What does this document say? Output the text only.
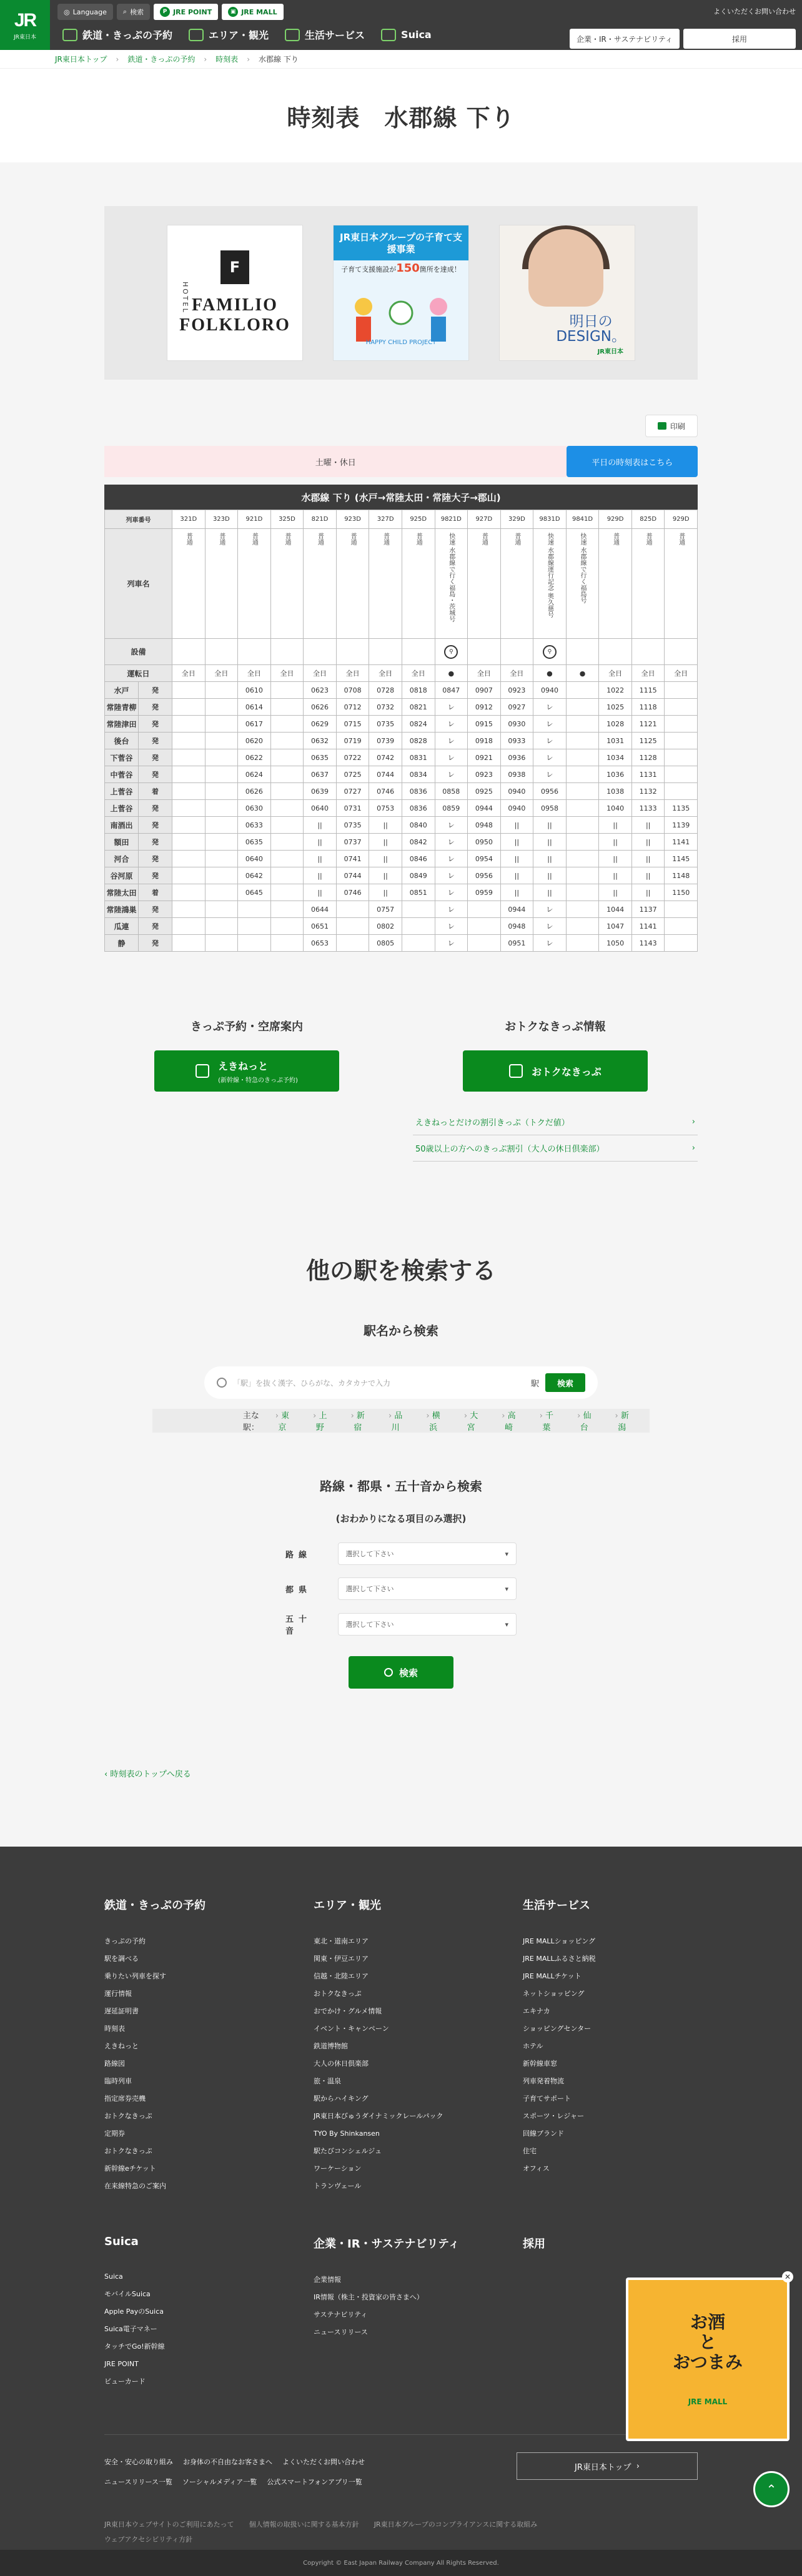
JR
JR東日本
◎ Language ⌕ 検索	P JRE POINT	▣ JRE MALL
鉄道・きっぷの予約	エリア・観光	生活サービス	Suica
よくいただくお問い合わせ
企業・IR・サステナビリティ	採用
JR東日本トップ › 鉄道・きっぷの予約 › 時刻表 › 水郡線 下り
時刻表　水郡線 下り
HOTEL
F
FAMILIO
FOLKLORO
JR東日本グループの子育て支援事業
子育て支援施設が150箇所を達成！
HAPPY CHILD PROJECT
明日の
DESIGN。
JR東日本
印刷
土曜・休日	平日の時刻表はこちら
水郡線 下り (水戸→常陸太田・常陸大子→郡山)
列車番号		321D	323D	921D	325D	821D	923D	327D	925D	9821D	927D	329D	9831D	9841D	929D	825D	929D
列車名		普通	普通	普通	普通	普通	普通	普通	普通	快速 水郡線で行く福島・茨城号	普通	普通	快速 水郡線運行記念 奥久慈号	快速 水郡線で行く福島号	普通	普通	普通

設備										⚲			⚲				
運転日		全日	全日	全日	全日	全日	全日	全日	全日	●	全日	全日	●	●	全日	全日	全日
水戸	発			0610		0623	0708	0728	0818	0847	0907	0923	0940		1022	1115	
常陸青柳	発			0614		0626	0712	0732	0821	レ	0912	0927	レ		1025	1118	
常陸津田	発			0617		0629	0715	0735	0824	レ	0915	0930	レ		1028	1121	
後台	発			0620		0632	0719	0739	0828	レ	0918	0933	レ		1031	1125	
下菅谷	発			0622		0635	0722	0742	0831	レ	0921	0936	レ		1034	1128	
中菅谷	発			0624		0637	0725	0744	0834	レ	0923	0938	レ		1036	1131	
上菅谷	着			0626		0639	0727	0746	0836	0858	0925	0940	0956		1038	1132	
上菅谷	発			0630		0640	0731	0753	0836	0859	0944	0940	0958		1040	1133	1135
南酒出	発			0633		||	0735	||	0840	レ	0948	||	||		||	||	1139
額田	発			0635		||	0737	||	0842	レ	0950	||	||		||	||	1141
河合	発			0640		||	0741	||	0846	レ	0954	||	||		||	||	1145
谷河原	発			0642		||	0744	||	0849	レ	0956	||	||		||	||	1148
常陸太田	着			0645		||	0746	||	0851	レ	0959	||	||		||	||	1150
常陸鴻巣	発					0644		0757		レ		0944	レ		1044	1137	
瓜連	発					0651		0802		レ		0948	レ		1047	1141	
静	発					0653		0805		レ		0951	レ		1050	1143	
きっぷ予約・空席案内
えきねっと
(新幹線・特急のきっぷ予約)
おトクなきっぷ情報
おトクなきっぷ
えきねっとだけの割引きっぷ（トクだ値）	›
50歳以上の方へのきっぷ割引（大人の休日倶楽部）	›
他の駅を検索する
駅名から検索
「駅」を抜く漢字、ひらがな、カタカナで入力	駅	検索
主な駅：
› 東京
› 上野
› 新宿
› 品川
› 横浜
› 大宮
› 高崎
› 千葉
› 仙台
› 新潟
路線・都県・五十音から検索
(おわかりになる項目のみ選択)
路線	選択して下さい	▾
都県	選択して下さい	▾
五十音
選択して下さい	▾
検索
‹ 時刻表のトップへ戻る
鉄道・きっぷの予約
きっぷの予約
駅を調べる
乗りたい列車を探す
運行情報
遅延証明書
時刻表
えきねっと
路線図
臨時列車
指定席券売機
おトクなきっぷ
定期券
おトクなきっぷ
新幹線eチケット
在来線特急のご案内
エリア・観光
東北・道南エリア
関東・伊豆エリア
信越・北陸エリア
おトクなきっぷ
おでかけ・グルメ情報
イベント・キャンペーン
鉄道博物館
大人の休日倶楽部
旅・温泉
駅からハイキング
JR東日本びゅうダイナミックレールパック
TYO By Shinkansen
駅たびコンシェルジュ
ワーケーション
トランヴェール
生活サービス
JRE MALLショッピング
JRE MALLふるさと納税
JRE MALLチケット
ネットショッピング
エキナカ
ショッピングセンター
ホテル
新幹線車窓
列車発着物流
子育てサポート
スポーツ・レジャー
回線ブランド
住宅
オフィス
Suica
Suica
モバイルSuica
Apple PayのSuica
Suica電子マネー
タッチでGo!新幹線
JRE POINT
ビューカード
企業・IR・サステナビリティ
企業情報
IR情報（株主・投資家の皆さまへ）
サステナビリティ
ニュースリリース
採用
安全・安心の取り組み お身体の不自由なお客さまへ よくいただくお問い合わせ
ニュースリリース一覧 ソーシャルメディア一覧 公式スマートフォンアプリ一覧
JR東日本トップ ›
JR東日本ウェブサイトのご利用にあたって 個人情報の取扱いに関する基本方針 JR東日本グループのコンプライアンスに関する取組み
ウェブアクセシビリティ方針
お酒
と
おつまみ
JRE MALL
✕
⌃
Copyright © East Japan Railway Company All Rights Reserved.
